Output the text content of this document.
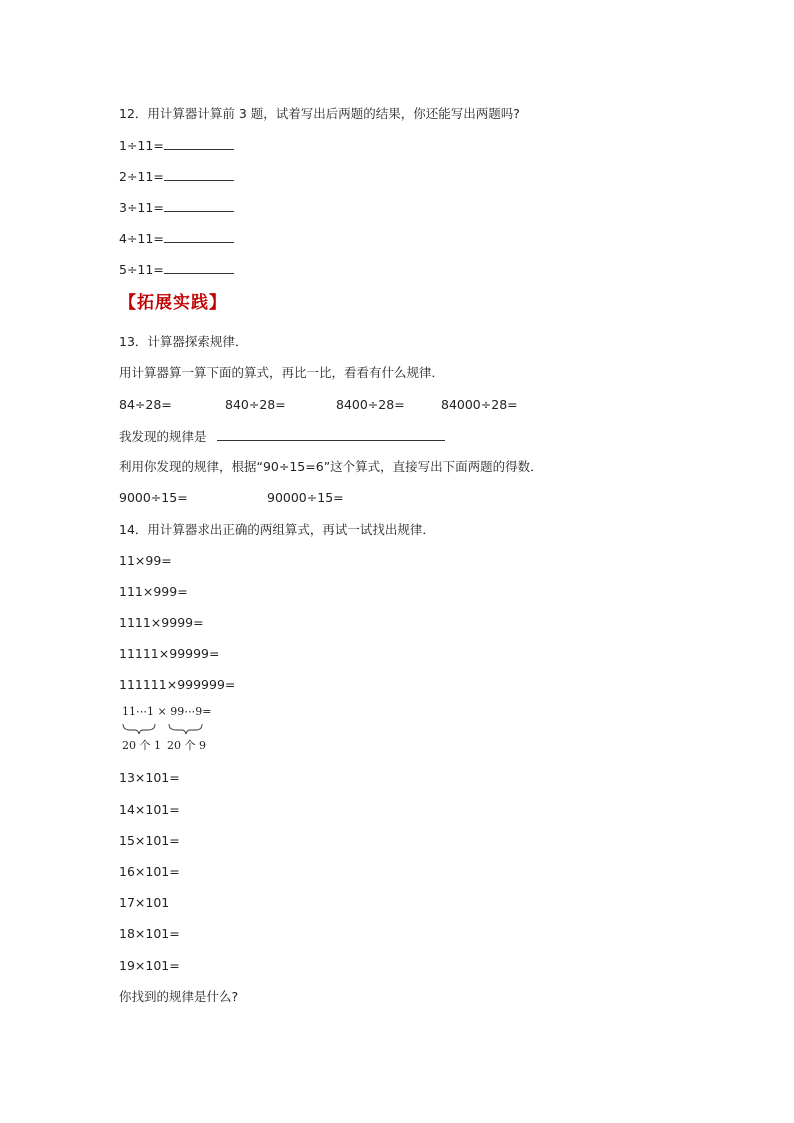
12．用计算器计算前 3 题，试着写出后两题的结果，你还能写出两题吗?
1÷11=
2÷11=
3÷11=
4÷11=
5÷11=
【拓展实践】
13．计算器探索规律．
用计算器算一算下面的算式，再比一比，看看有什么规律．
84÷28=	840÷28=	8400÷28=	84000÷28=
我发现的规律是
利用你发现的规律，根据“90÷15=6”这个算式，直接写出下面两题的得数．
9000÷15=	90000÷15=
14．用计算器求出正确的两组算式，再试一试找出规律．
11×99=
111×999=
1111×9999=
11111×99999=
111111×999999=
11⋯1 × 99⋯9=
20 个 1 20 个 9
13×101=
14×101=
15×101=
16×101=
17×101
18×101=
19×101=
你找到的规律是什么?
